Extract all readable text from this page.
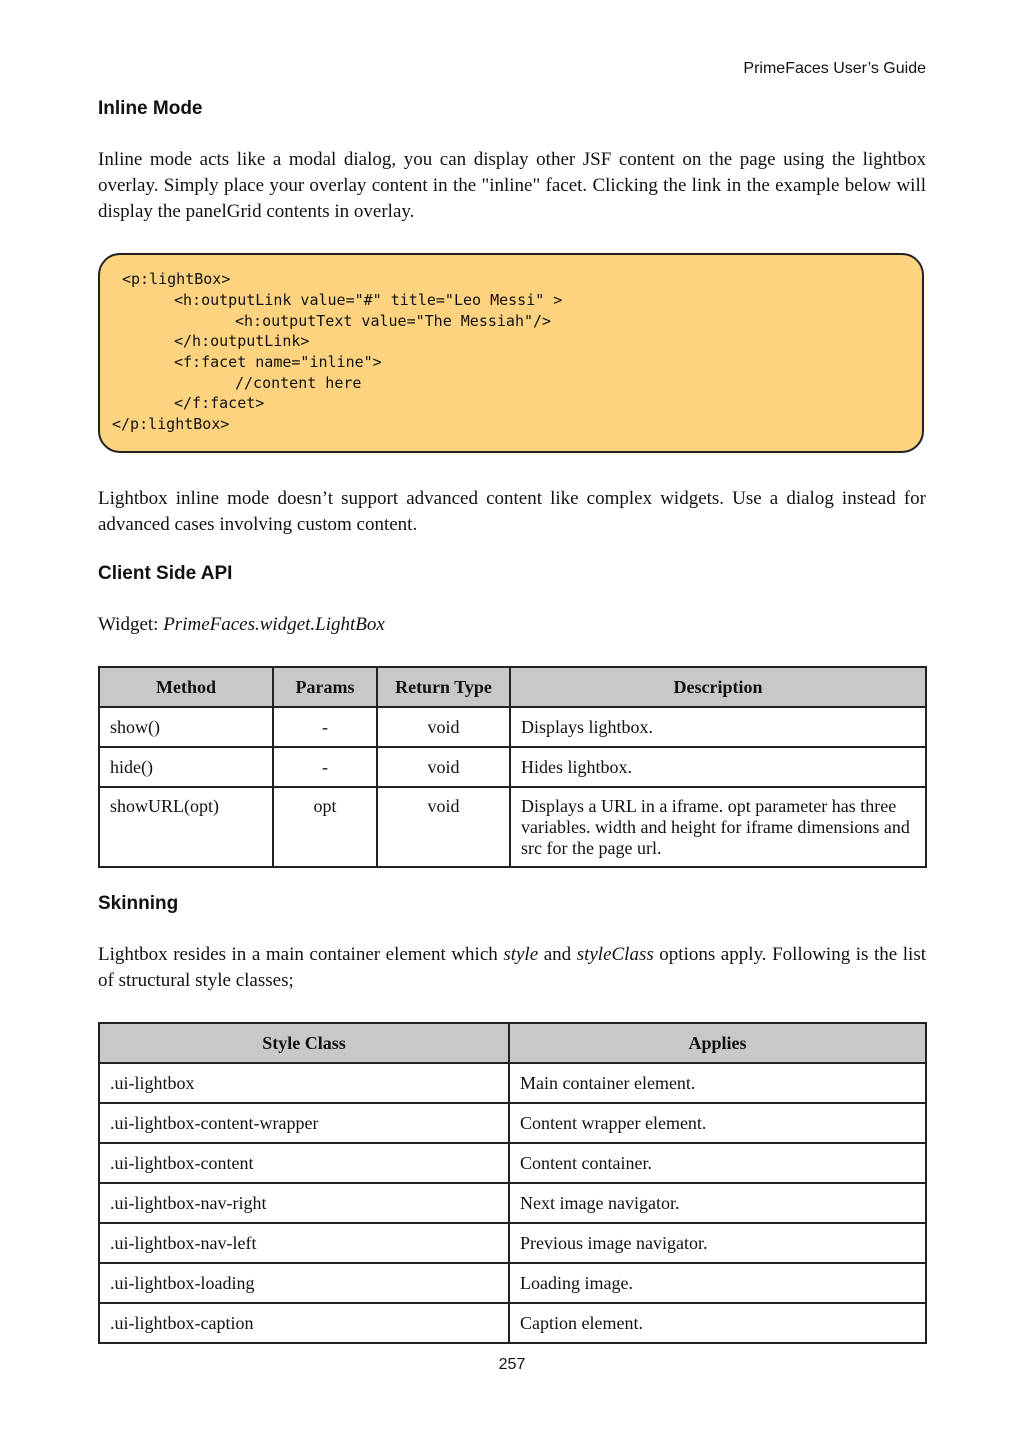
PrimeFaces User’s Guide
Inline Mode
Inline mode acts like a modal dialog, you can display other JSF content on the page using the lightbox overlay. Simply place your overlay content in the "inline" facet. Clicking the link in the example below will display the panelGrid contents in overlay.
<p:lightBox>
<h:outputLink value="#" title="Leo Messi" >
<h:outputText value="The Messiah"/>
</h:outputLink>
<f:facet name="inline">
//content here
</f:facet>
</p:lightBox>
Lightbox inline mode doesn’t support advanced content like complex widgets. Use a dialog instead for advanced cases involving custom content.
Client Side API
Widget: PrimeFaces.widget.LightBox
Method	Params	Return Type	Description
show()	-	void	Displays lightbox.
hide()	-	void	Hides lightbox.
showURL(opt)	opt	void	Displays a URL in a iframe. opt parameter has three variables. width and height for iframe dimensions and src for the page url.
Skinning
Lightbox resides in a main container element which style and styleClass options apply. Following is the list of structural style classes;
Style Class	Applies
.ui-lightbox	Main container element.
.ui-lightbox-content-wrapper	Content wrapper element.
.ui-lightbox-content	Content container.
.ui-lightbox-nav-right	Next image navigator.
.ui-lightbox-nav-left	Previous image navigator.
.ui-lightbox-loading	Loading image.
.ui-lightbox-caption	Caption element.
257
